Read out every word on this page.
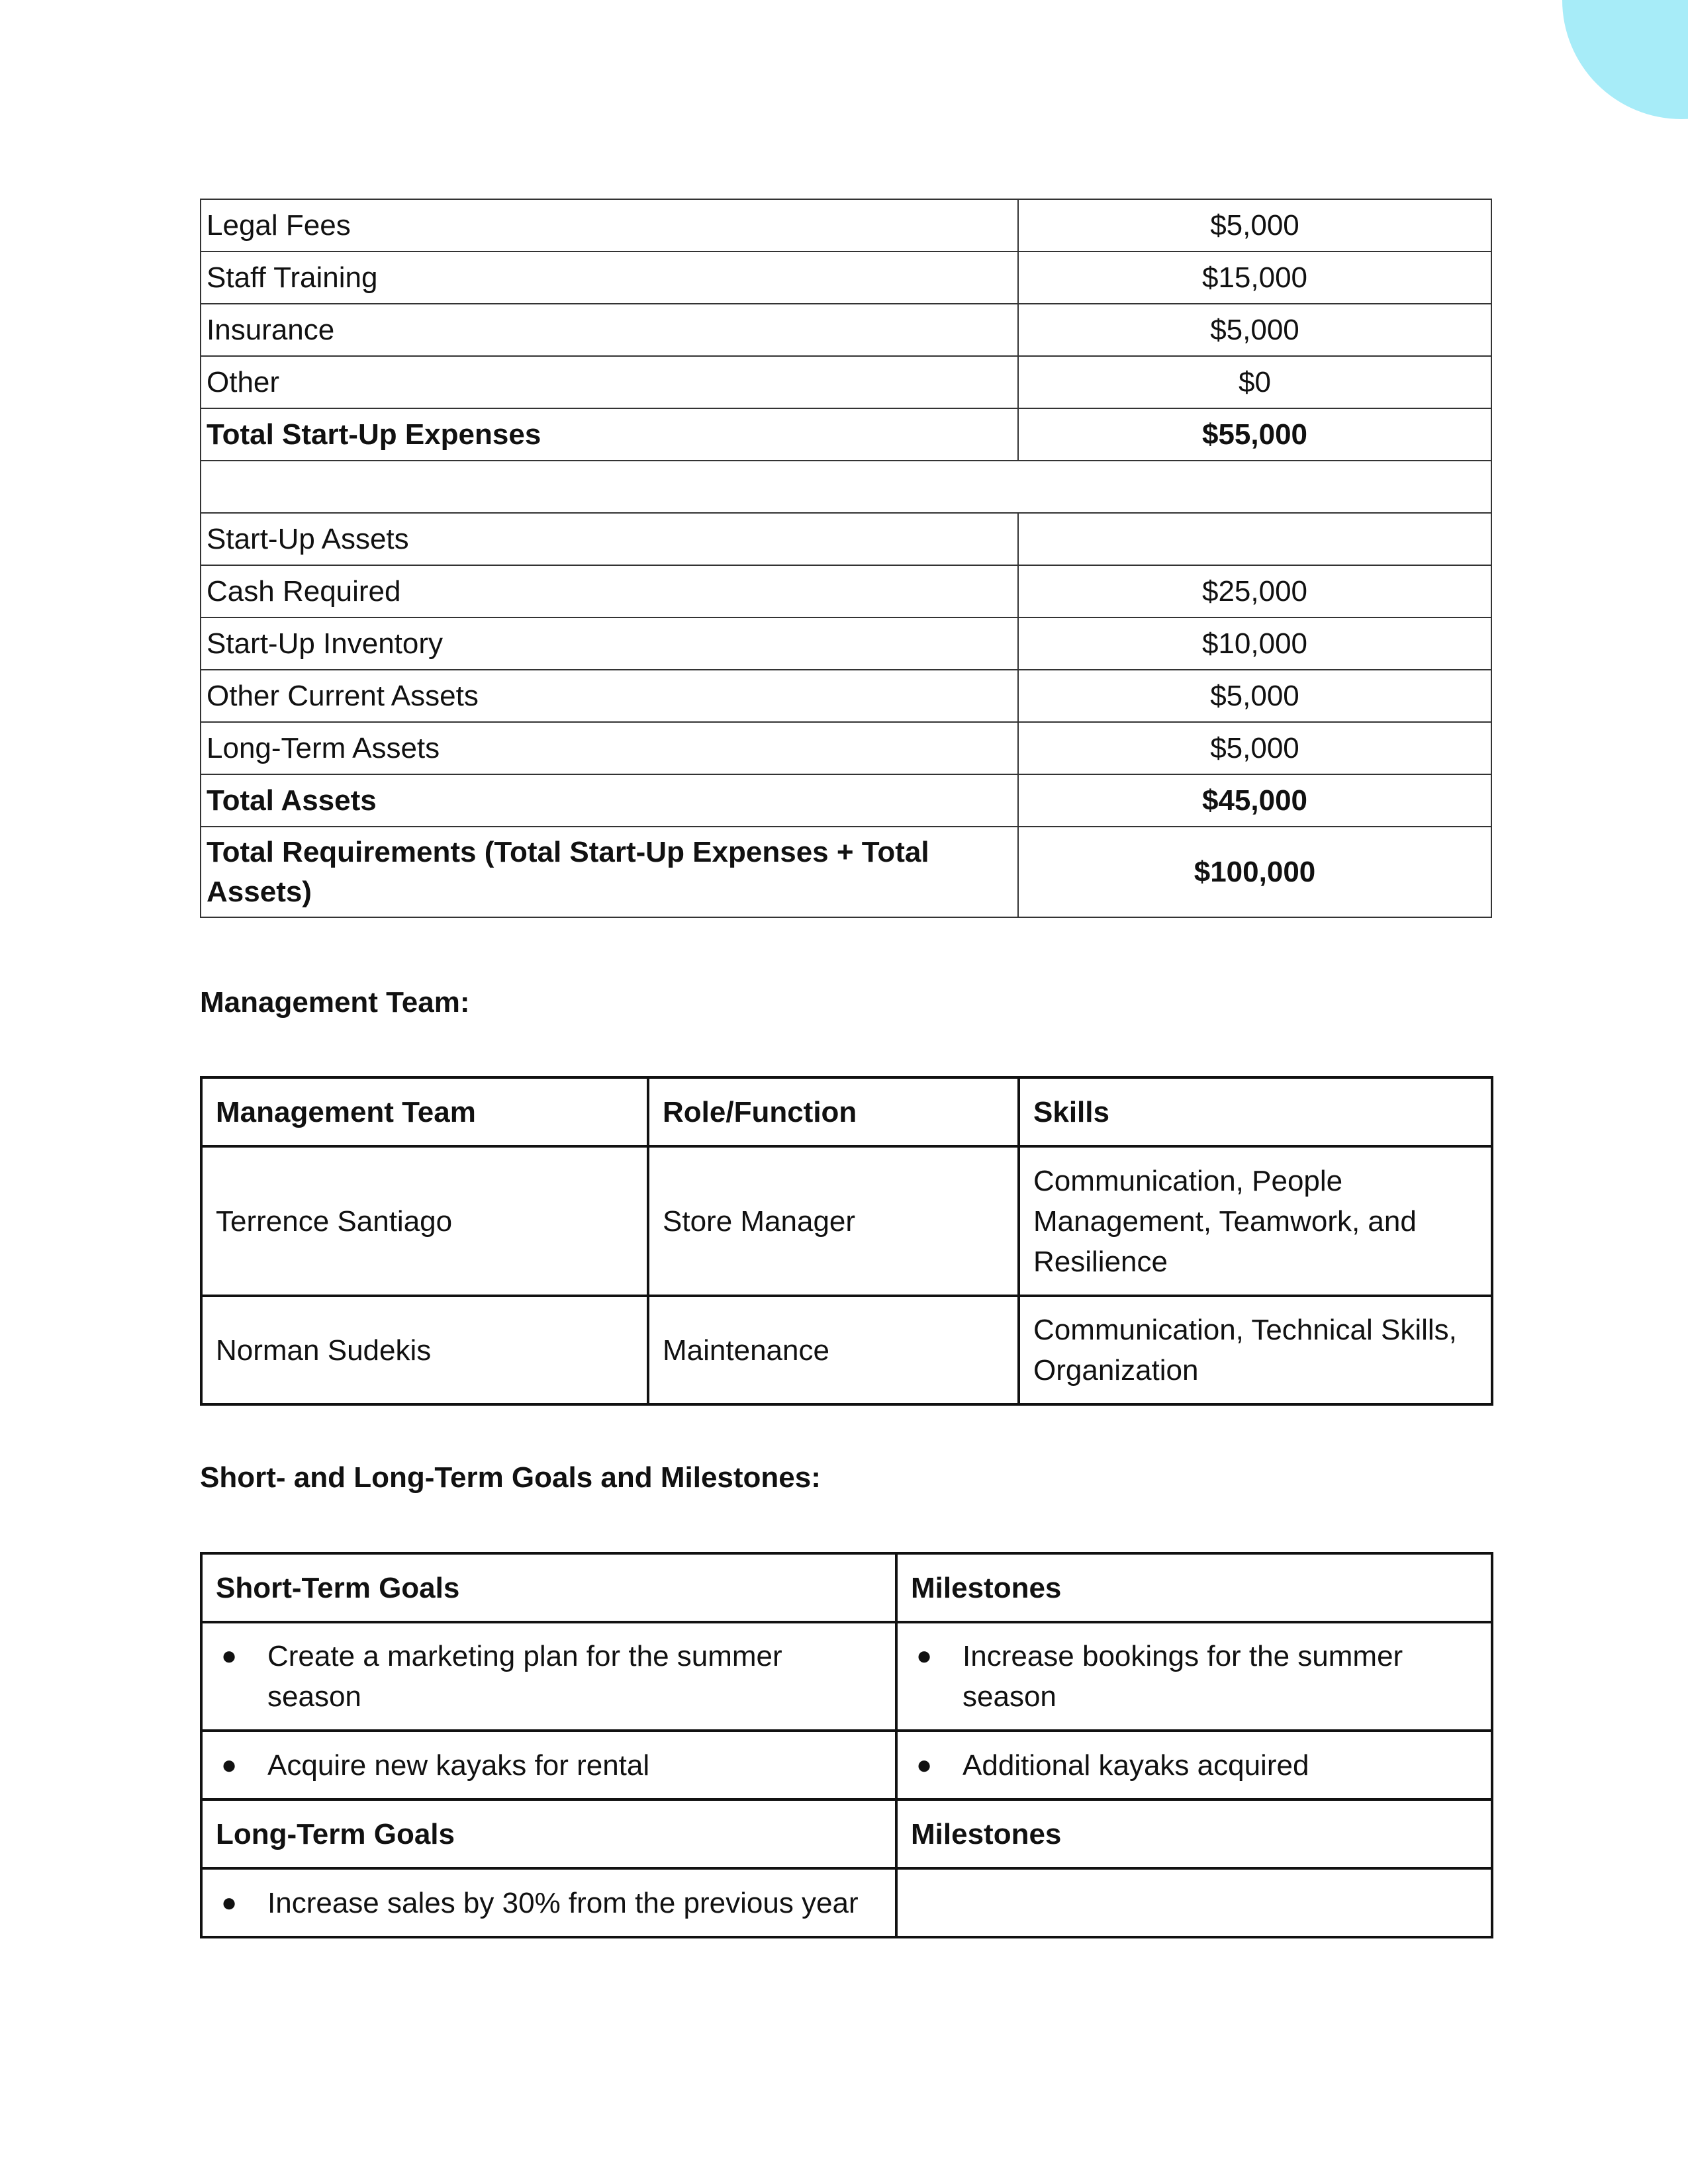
Legal Fees	$5,000
Staff Training	$15,000
Insurance	$5,000
Other	$0
Total Start-Up Expenses	$55,000

Start-Up Assets	
Cash Required	$25,000
Start-Up Inventory	$10,000
Other Current Assets	$5,000
Long-Term Assets	$5,000
Total Assets	$45,000
Total Requirements (Total Start-Up Expenses + Total Assets)	$100,000
Management Team:
Management Team	Role/Function	Skills
Terrence Santiago	Store Manager	Communication, People Management, Teamwork, and Resilience
Norman Sudekis	Maintenance	Communication, Technical Skills, Organization
Short- and Long-Term Goals and Milestones:
Short-Term Goals	Milestones

● Create a marketing plan for the summer season	● Increase bookings for the summer season

● Acquire new kayaks for rental	● Additional kayaks acquired

Long-Term Goals	Milestones

● Increase sales by 30% from the previous year	
